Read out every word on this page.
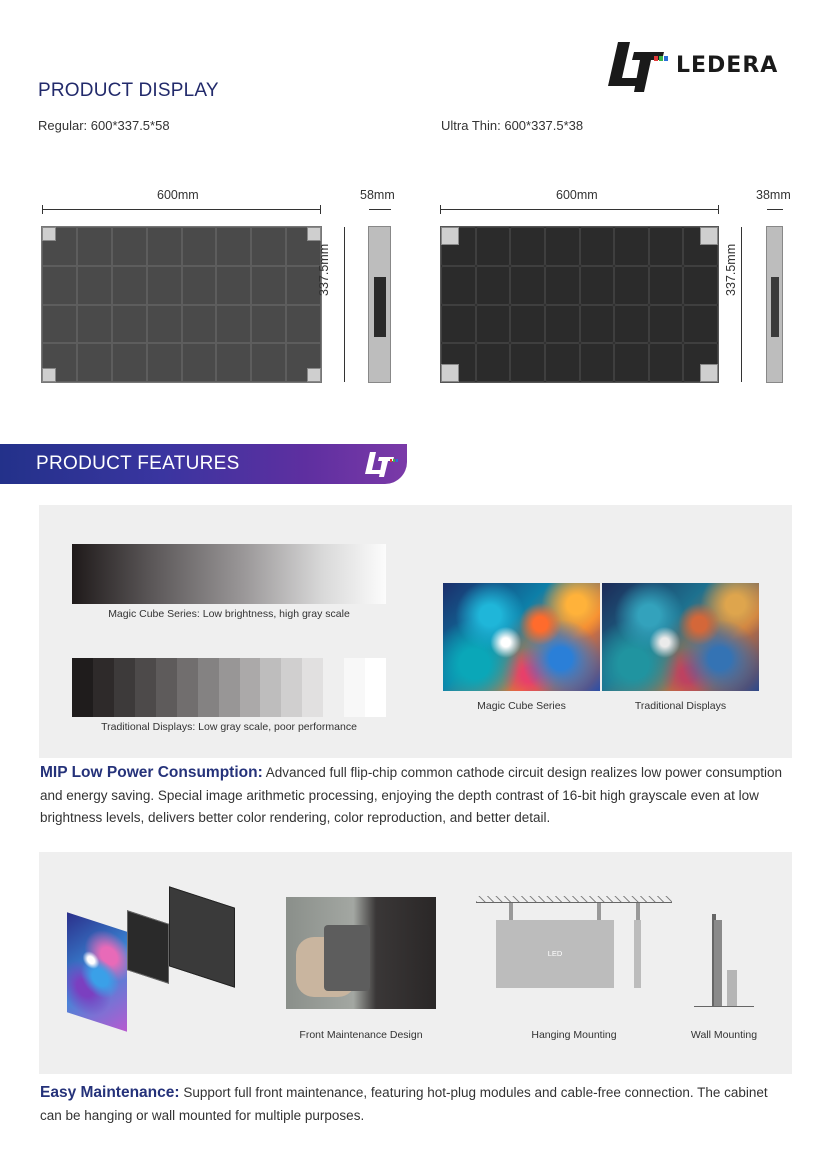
LEDERA
PRODUCT DISPLAY
Regular: 600*337.5*58	Ultra Thin: 600*337.5*38
600mm	58mm
337.5mm
600mm	38mm
337.5mm
PRODUCT FEATURES
Magic Cube Series: Low brightness, high gray scale
Traditional Displays: Low gray scale, poor performance
Magic Cube Series	Traditional Displays
MIP Low Power Consumption: Advanced full flip-chip common cathode circuit design realizes low power consumption and energy saving. Special image arithmetic processing, enjoying the depth contrast of 16-bit high grayscale even at low brightness levels, delivers better color rendering, color reproduction, and better detail.
Front Maintenance Design
LED
Hanging Mounting	Wall Mounting
Easy Maintenance: Support full front maintenance, featuring hot-plug modules and cable-free connection. The cabinet can be hanging or wall mounted for multiple purposes.
